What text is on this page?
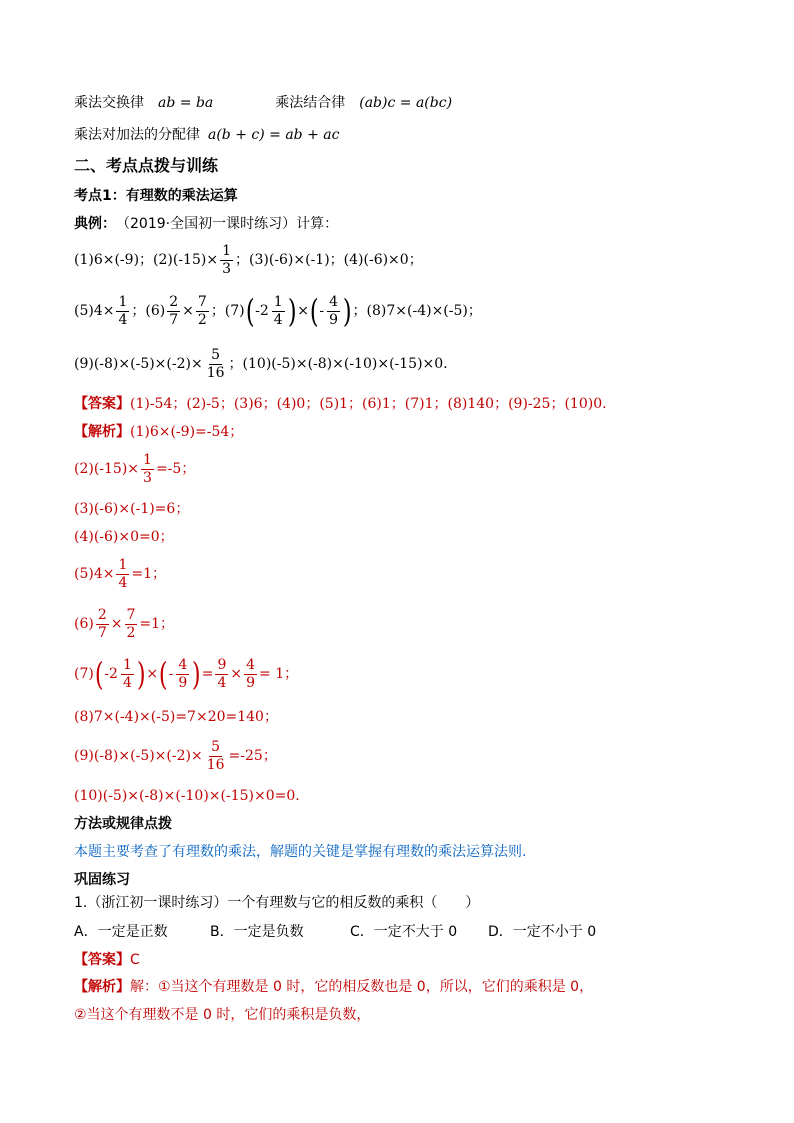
乘法交换律 ab = ba	乘法结合律 (ab)c = a(bc)
乘法对加法的分配律 a(b + c) = ab + ac
二、考点点拨与训练
考点1：有理数的乘法运算
典例： （2019·全国初一课时练习）计算：
(1)6×(-9)；$(2)(-15)\times \frac{1}{3}$ ；(3)(-6)×(-1)；(4)(-6)×0；
$(5)4\times \frac{1}{4}$ ；$(6) \frac{2}{7} \times \frac{7}{2}$ ；(7) ( $-2 \frac{1}{4}$ ) × ( - $\frac{4}{9}$ ) ；(8)7×(-4)×(-5)；
$(9)(-8)\times(-5)\times(-2)\times \frac{5}{16}$ ；(10)(-5)×(-8)×(-10)×(-15)×0.
【答案】 (1)-54；(2)-5；(3)6；(4)0；(5)1；(6)1；(7)1；(8)140；(9)-25；(10)0.
【解析】 (1)6×(-9)=-54；
$(2)(-15)\times \frac{1}{3} =-5$；
(3)(-6)×(-1)=6；
(4)(-6)×0=0；
$(5)4\times \frac{1}{4} =1$；
$(6) \frac{2}{7} \times \frac{7}{2} =1$；
(7) ( $-2 \frac{1}{4}$ ) × ( - $\frac{4}{9}$ ) = $\frac{9}{4} \times \frac{4}{9} = 1$；
(8)7×(-4)×(-5)=7×20=140；
$(9)(-8)\times(-5)\times(-2)\times \frac{5}{16} =-25$；
(10)(-5)×(-8)×(-10)×(-15)×0=0.
方法或规律点拨
本题主要考查了有理数的乘法，解题的关键是掌握有理数的乘法运算法则.
巩固练习
1.（浙江初一课时练习）一个有理数与它的相反数的乘积（　　）
A．一定是正数	B．一定是负数	C．一定不大于 0	D．一定不小于 0
【答案】 C
【解析】 解：①当这个有理数是 0 时，它的相反数也是 0，所以，它们的乘积是 0，
②当这个有理数不是 0 时，它们的乘积是负数，
